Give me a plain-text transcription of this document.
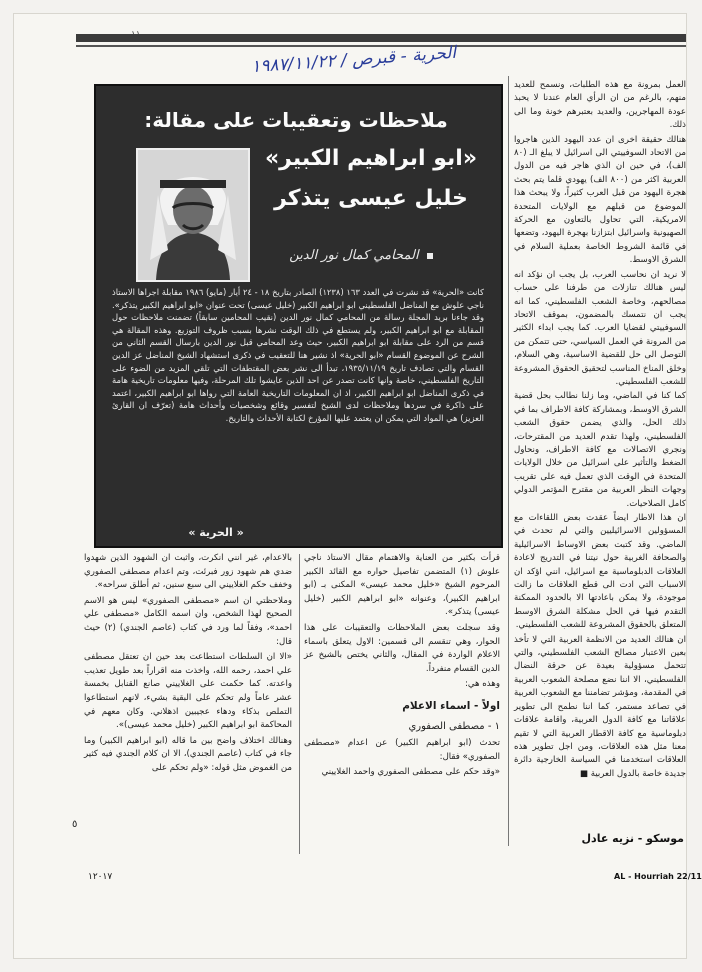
الحرية - قبرص / ١٩٨٧/١١/٢٢
ملاحظات وتعقيبات على مقالة:
«ابو ابراهيم الكبير»
خليل عيسى يتذكر
المحامي كمال نور الدين
كانت «الحرية» قد نشرت في العدد ١٦٣ (١٢٣٨) الصادر بتاريخ ١٨ - ٢٤ أيار (مايو) ١٩٨٦ مقابلة اجراها الاستاذ ناجي علوش مع المناضل الفلسطيني ابو ابراهيم الكبير (خليل عيسى) تحت عنوان «ابو ابراهيم الكبير يتذكر». وقد جاءنا بريد المجلة رسالة من المحامي كمال نور الدين (نقيب المحامين سابقاً) تضمنت ملاحظات حول المقابلة مع ابو ابراهيم الكبير، ولم يستطع في ذلك الوقت نشرها بسبب ظروف التوزيع. وهذه المقالة هي قسم من الرد على مقابلة ابو ابراهيم الكبير، حيث وعد المحامي قبل نور الدين بارسال القسم الثاني من الشرح عن الموضوع القسام «ابو الحرية» اذ نشير هنا للتعقيب في ذكرى استشهاد الشيخ المناضل عز الدين القسام والتي تصادف تاريخ ١٩٣٥/١١/١٩، تبدأ الى نشر بعض المقتطفات التي تلقي المزيد من الضوء على التاريخ الفلسطيني، خاصة وانها كانت تصدر عن احد الذين عايشوا تلك المرحلة، وفيها معلومات تاريخية هامة في ذكرى المناضل ابو ابراهيم الكبير، اذ ان المعلومات التاريخية العامة التي رواها ابو ابراهيم الكبير، اعتمد على ذاكرة في سردها وملاحظات لدى الشيخ لتفسير وقائع وشخصيات وأحداث هامة (تعرّف ان القارئ العزيز) هي المواد التي يمكن ان يعتمد عليها المؤرخ لكتابة الأحداث والتاريخ.
« الحرية »

العمل بمرونة مع هذه الطلبات، ونسمح للعديد منهم، بالرغم من ان الرأي العام عندنا لا يحبذ عودة المهاجرين، والعديد بعتبرهم خونة وما الى ذلك.

هنالك حقيقة اخرى ان عدد اليهود الذين هاجروا من الاتحاد السوفييتي الى اسرائيل لا يبلغ الـ (٨٠ الف)، في حين ان الذي هاجر فيه من الدول العربية اكثر من (٨٠٠ الف) يهودي قلما يتم بحث هجرة اليهود من قبل العرب كثيراً، ولا يبحث هذا الموضوع من قبلهم مع الولايات المتحدة الامريكية، التي تحاول بالتعاون مع الحركة الصهيونية واسرائيل ابتزازنا بهجرة اليهود، وتضعها في قائمة الشروط الخاصة بعملية السلام في الشرق الاوسط.

لا نريد ان نحاسب العرب، بل يجب ان نؤكد انه ليس هنالك تنازلات من طرفنا على حساب مصالحهم، وخاصة الشعب الفلسطيني، كما انه يجب ان نتمسك بالمضمون، بموقف الاتحاد السوفييتي لقضايا العرب. كما يجب ابداء الكثير من المرونة في العمل السياسي، حتى تتمكن من التوصل الى حل للقضية الاساسية، وهي السلام، وخلق المناخ المناسب لتحقيق الحقوق المشروعة للشعب الفلسطيني.

كما كنا في الماضي، وما زلنا نطالب بحل قضية الشرق الاوسط، وبمشاركة كافة الاطراف بما في ذلك الحل، والذي يضمن حقوق الشعب الفلسطيني، ولهذا تقدم العديد من المقترحات، ونجري الاتصالات مع كافة الاطراف، ونحاول الضغط والتأثير على اسرائيل من خلال الولايات المتحدة في الوقت الذي تعمل فيه على تقريب وجهات النظر العربية من مقترح المؤتمر الدولي كامل الصلاحيات.

ان هذا الاطار ايضاً عقدت بعض اللقاءات مع المسؤولين الاسرائيليين والتي لم تحدث في الماضي. وقد كتبت بعض الاوساط الاسرائيلية والصحافة الغربية حول نيتنا في التدريج لاعادة العلاقات الدبلوماسية مع اسرائيل، انني اؤكد ان الاسباب التي ادت الى قطع العلاقات ما زالت موجودة، ولا يمكن باعادتها الا بالحدود الممكنة التقدم فيها في الحل مشكلة الشرق الاوسط المتعلق بالحقوق المشروعة للشعب الفلسطيني.

ان هنالك العديد من الانظمة العربية التي لا تأخذ بعين الاعتبار مصالح الشعب الفلسطيني، والتي تتحمل مسؤولية بعيدة عن حرقة النضال الفلسطيني، الا اننا نضع مصلحة الشعوب العربية في المقدمة، ومؤشر تضامننا مع الشعوب العربية في تصاعد مستمر، كما اننا نطمح الى تطوير علاقاتنا مع كافة الدول العربية، واقامة علاقات دبلوماسية مع كافة الاقطار العربية التي لا تقيم معنا مثل هذه العلاقات، ومن اجل تطوير هذه العلاقات استخدمنا في السياسة الخارجية دائرة جديدة خاصة بالدول العربية ■

موسكو - نزيه عادل
AL - Hourriah 22/11

قرأت بكثير من العناية والاهتمام مقال الاستاذ ناجي علوش (١) المتضمن تفاصيل حواره مع القائد الكبير المرحوم الشيخ «خليل محمد عيسى» المكنى بـ (ابو ابراهيم الكبير)، وعنوانه «ابو ابراهيم الكبير (خليل عيسى) يتذكر».

وقد سجلت بعض الملاحظات والتعقيبات على هذا الحوار، وهي تنقسم الى قسمين: الاول يتعلق باسماء الاعلام الواردة في المقال، والثاني يختص بالشيخ عز الدين القسام منفرداً.

وهذه هي:

اولاً - اسماء الاعلام
١ - مصطفى الصفوري

تحدث (ابو ابراهيم الكبير) عن اعدام «مصطفى الصفوري» فقال:

«وقد حكم على مصطفى الصفوري واحمد الغلاييني

بالاعدام، غير انني انكرت، واثبت ان الشهود الذين شهدوا ضدي هم شهود زور فبرئت، وتم اعدام مصطفى الصفوري وخفف حكم الغلاييني الى سبع سنين، ثم أطلق سراحه».

وملاحظتي ان اسم «مصطفى الصفوري» ليس هو الاسم الصحيح لهذا الشخص، وان اسمه الكامل «مصطفى علي احمد»، وفقاً لما ورد في كتاب (عاصم الجندي) (٢) حيث قال:

«الا ان السلطات استطاعت بعد حين ان تعتقل مصطفى علي احمد، رحمه الله، واخذت منه اقراراً بعد طويل تعذيب واعدته. كما حكمت على الغلاييني صانع القنابل بخمسة عشر عاماً ولم تحكم على البقية بشيء، لانهم استطاعوا التملص بذكاء ودهاء عجيبين اذهلاني. وكان معهم في المحاكمة ابو ابراهيم الكبير (خليل محمد عيسى)».

وهنالك اختلاف واضح بين ما قاله (ابو ابراهيم الكبير) وما جاء في كتاب (عاصم الجندي)، الا ان كلام الجندي فيه كثير من الغموض مثل قوله: «ولم تحكم على

٥
١٢٠١٧
